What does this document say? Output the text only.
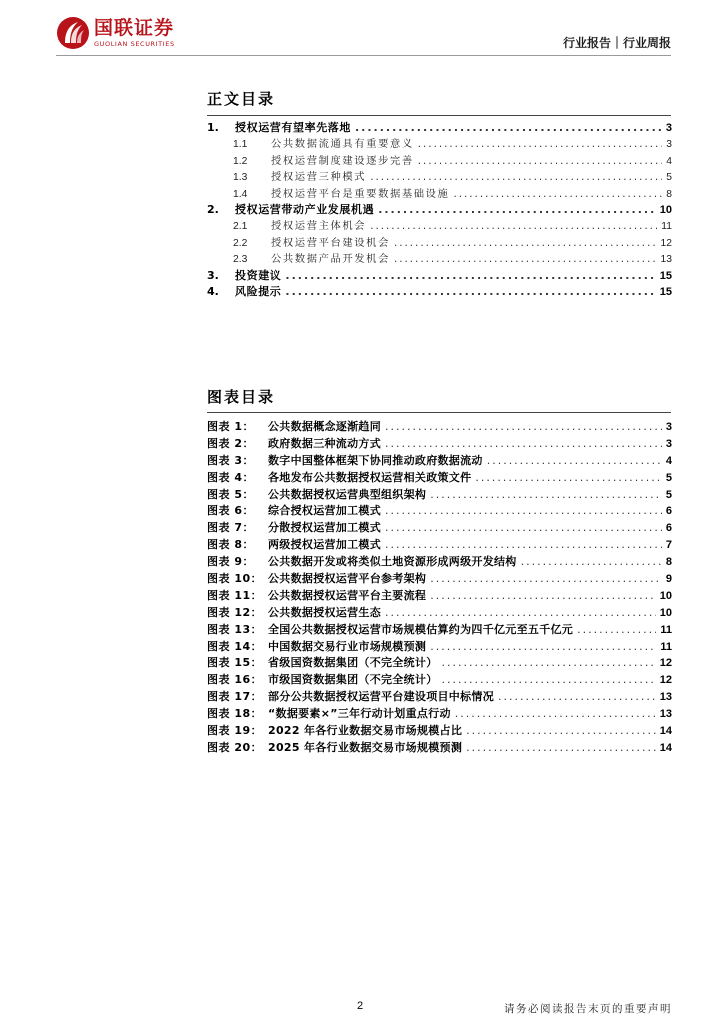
国联证券
GUOLIAN SECURITIES	行业报告｜行业周报
正文目录
1.	授权运营有望率先落地 .....	3
1.1	公共数据流通具有重要意义 .....	3
1.2	授权运营制度建设逐步完善 .....	4
1.3	授权运营三种模式 .....	5
1.4	授权运营平台是重要数据基础设施 .....	8
2.	授权运营带动产业发展机遇 .....	10
2.1	授权运营主体机会 .....	11
2.2	授权运营平台建设机会 .....	12
2.3	公共数据产品开发机会 .....	13
3.	投资建议 .....	15
4.	风险提示 .....	15
图表目录
图表 1：	公共数据概念逐渐趋同 .....	3
图表 2：	政府数据三种流动方式 .....	3
图表 3：	数字中国整体框架下协同推动政府数据流动 .....	4
图表 4：	各地发布公共数据授权运营相关政策文件 .....	5
图表 5：	公共数据授权运营典型组织架构 .....	5
图表 6：	综合授权运营加工模式 .....	6
图表 7：	分散授权运营加工模式 .....	6
图表 8：	两级授权运营加工模式 .....	7
图表 9：	公共数据开发或将类似土地资源形成两级开发结构 .....	8
图表 10： 公共数据授权运营平台参考架构 .....	9
图表 11： 公共数据授权运营平台主要流程 .....	10
图表 12： 公共数据授权运营生态 .....	10
图表 13： 全国公共数据授权运营市场规模估算约为四千亿元至五千亿元 .....	11
图表 14： 中国数据交易行业市场规模预测 .....	11
图表 15： 省级国资数据集团（不完全统计） .....	12
图表 16： 市级国资数据集团（不完全统计） .....	12
图表 17： 部分公共数据授权运营平台建设项目中标情况 .....	13
图表 18： “数据要素×”三年行动计划重点行动 .....	13
图表 19： 2022 年各行业数据交易市场规模占比 .....	14
图表 20： 2025 年各行业数据交易市场规模预测 .....	14
2	请务必阅读报告末页的重要声明
